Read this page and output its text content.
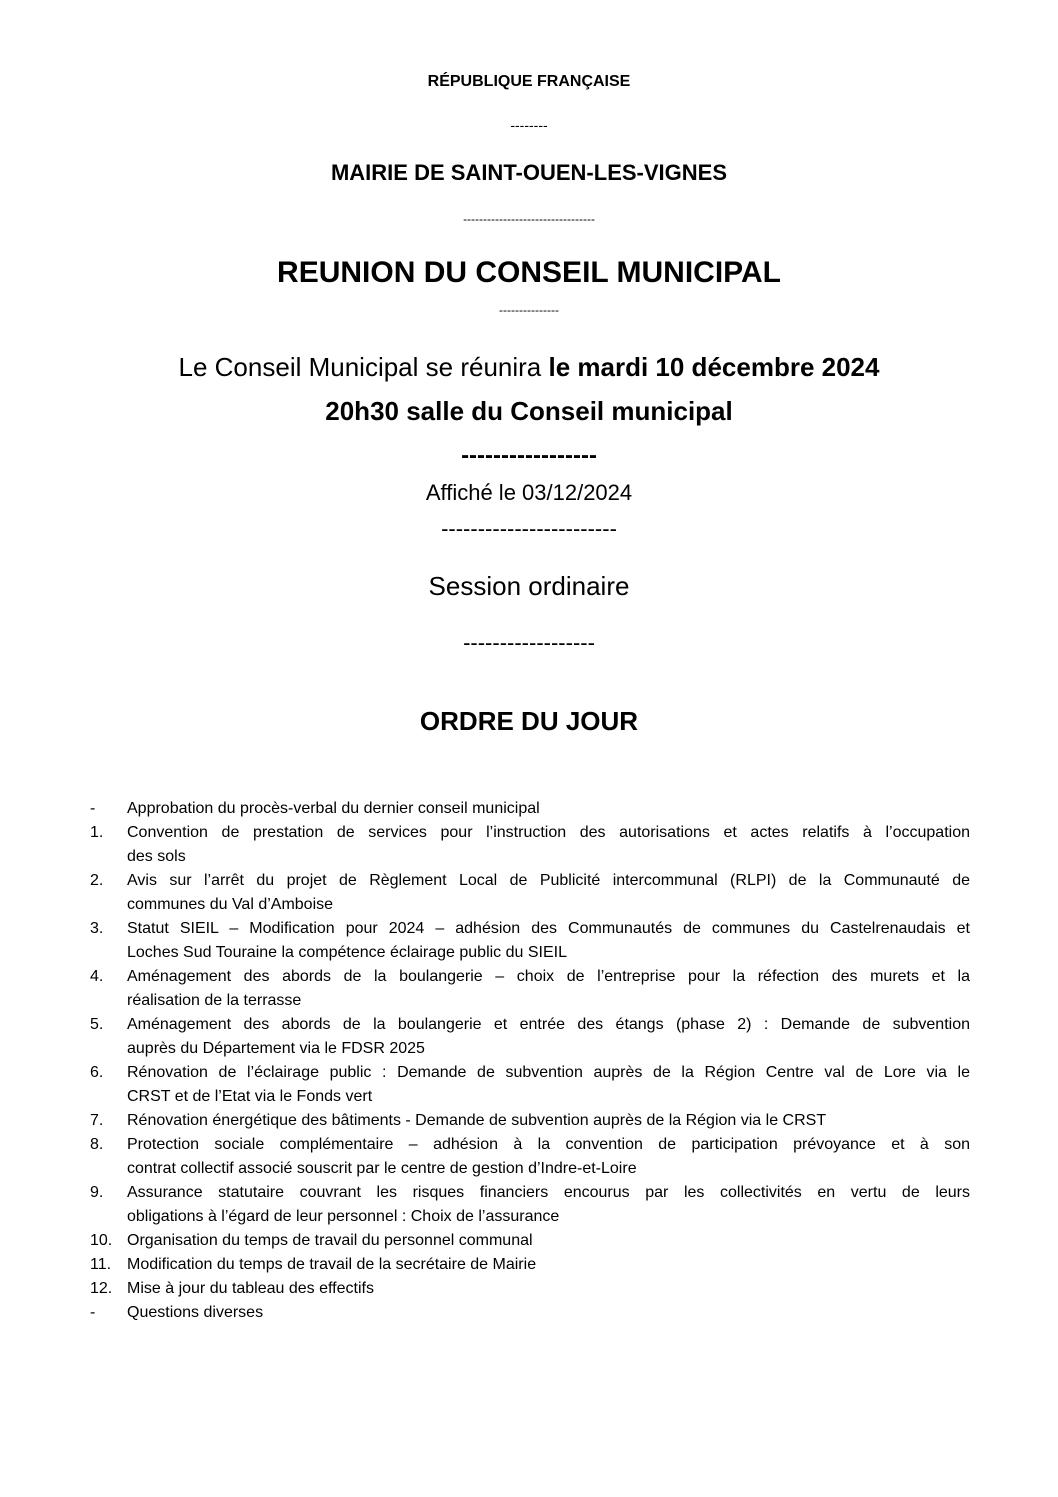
RÉPUBLIQUE FRANÇAISE
--------
MAIRIE DE SAINT-OUEN-LES-VIGNES
---------------------------------
REUNION DU CONSEIL MUNICIPAL
---------------
Le Conseil Municipal se réunira le mardi 10 décembre 2024
20h30 salle du Conseil municipal
-----------------
Affiché le 03/12/2024
------------------------
Session ordinaire
------------------
ORDRE DU JOUR
-	Approbation du procès-verbal du dernier conseil municipal
1.	Convention de prestation de services pour l’instruction des autorisations et actes relatifs à l’occupation
des sols
2.	Avis sur l’arrêt du projet de Règlement Local de Publicité intercommunal (RLPI) de la Communauté de
communes du Val d’Amboise
3.	Statut SIEIL – Modification pour 2024 – adhésion des Communautés de communes du Castelrenaudais et
Loches Sud Touraine la compétence éclairage public du SIEIL
4.	Aménagement des abords de la boulangerie – choix de l’entreprise pour la réfection des murets et la
réalisation de la terrasse
5.	Aménagement des abords de la boulangerie et entrée des étangs (phase 2) : Demande de subvention
auprès du Département via le FDSR 2025
6.	Rénovation de l’éclairage public : Demande de subvention auprès de la Région Centre val de Lore via le
CRST et de l’Etat via le Fonds vert
7.	Rénovation énergétique des bâtiments - Demande de subvention auprès de la Région via le CRST
8.	Protection sociale complémentaire – adhésion à la convention de participation prévoyance et à son
contrat collectif associé souscrit par le centre de gestion d’Indre-et-Loire
9.	Assurance statutaire couvrant les risques financiers encourus par les collectivités en vertu de leurs
obligations à l’égard de leur personnel : Choix de l’assurance
10. Organisation du temps de travail du personnel communal
11. Modification du temps de travail de la secrétaire de Mairie
12. Mise à jour du tableau des effectifs
-	Questions diverses
